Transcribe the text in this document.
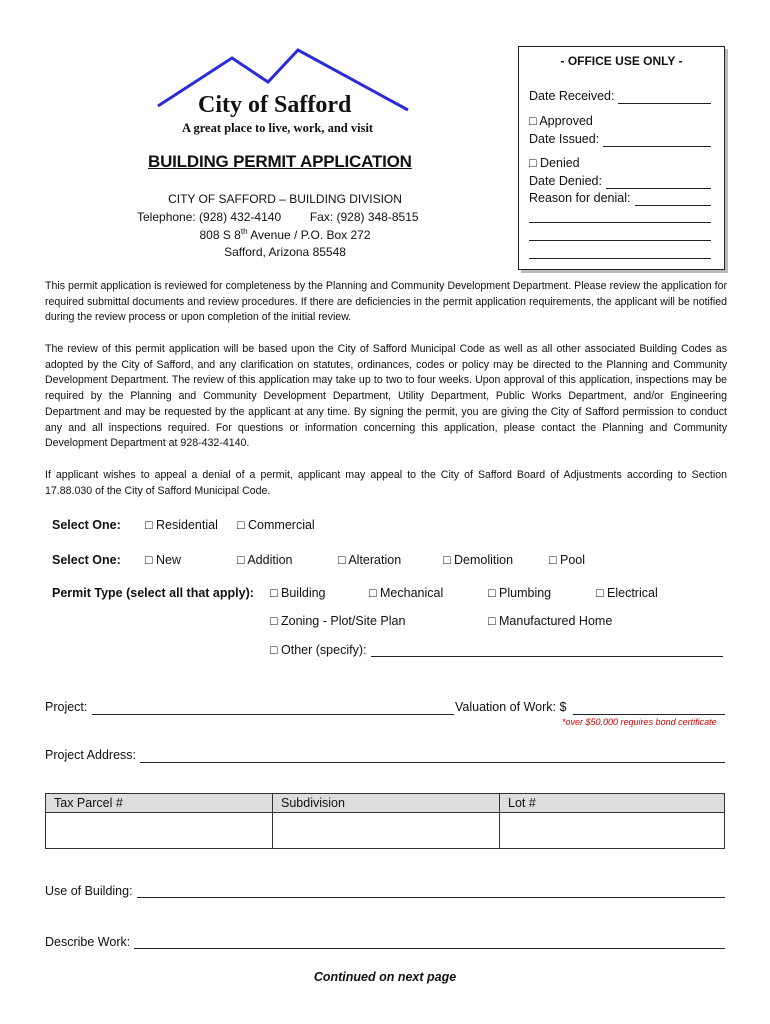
City of Safford
A great place to live, work, and visit
BUILDING PERMIT APPLICATION
CITY OF SAFFORD – BUILDING DIVISION
Telephone: (928) 432-4140 Fax: (928) 348-8515
808 S 8th Avenue / P.O. Box 272
Safford, Arizona 85548
- OFFICE USE ONLY -
Date Received:
□ Approved
Date Issued:
□ Denied
Date Denied:
Reason for denial:
This permit application is reviewed for completeness by the Planning and Community Development Department. Please review the application for required submittal documents and review procedures. If there are deficiencies in the permit application requirements, the applicant will be notified during the review process or upon completion of the initial review.
The review of this permit application will be based upon the City of Safford Municipal Code as well as all other associated Building Codes as adopted by the City of Safford, and any clarification on statutes, ordinances, codes or policy may be directed to the Planning and Community Development Department. The review of this application may take up to two to four weeks. Upon approval of this application, inspections may be required by the Planning and Community Development Department, Utility Department, Public Works Department, and/or Engineering Department and may be requested by the applicant at any time. By signing the permit, you are giving the City of Safford permission to conduct any and all inspections required. For questions or information concerning this application, please contact the Planning and Community Development Department at 928-432-4140.
If applicant wishes to appeal a denial of a permit, applicant may appeal to the City of Safford Board of Adjustments according to Section 17.88.030 of the City of Safford Municipal Code.
Select One: □ Residential □ Commercial
Select One: □ New	□ Addition	□ Alteration	□ Demolition	□ Pool
Permit Type (select all that apply): □ Building	□ Mechanical	□ Plumbing	□ Electrical
□ Zoning - Plot/Site Plan	□ Manufactured Home
□ Other (specify):
Project:	Valuation of Work: $
*over $50,000 requires bond certificate
Project Address:
Tax Parcel #	Subdivision	Lot #

Use of Building:
Describe Work:
Continued on next page
